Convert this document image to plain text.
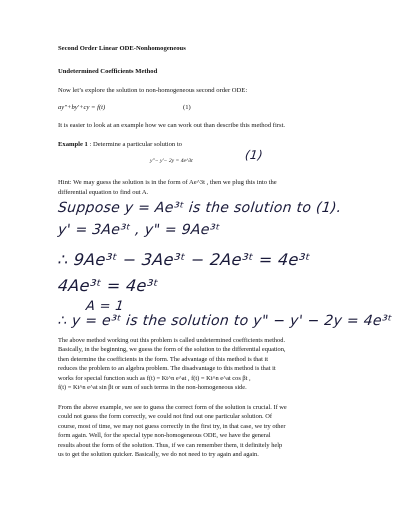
Second Order Linear ODE-Nonhomogeneous
Undetermined Coefficients Method
Now let’s explore the solution to non-homogeneous second order ODE:
ay"+by'+cy = f(t)	(1)
It is easier to look at an example how we can work out than describe this method first.
Example 1 : Determine a particular solution to
y"− y'− 2y = 4e^3t	(1)
Hint: We may guess the solution is in the form of Ae^3t , then we plug this into the
differential equation to find out A.
Suppose y = Ae³ᵗ is the solution to (1).
y' = 3Ae³ᵗ , y" = 9Ae³ᵗ
∴ 9Ae³ᵗ − 3Ae³ᵗ − 2Ae³ᵗ = 4e³ᵗ
4Ae³ᵗ = 4e³ᵗ
A = 1
∴ y = e³ᵗ is the solution to y" − y' − 2y = 4e³ᵗ
The above method working out this problem is called undetermined coefficients method.
Basically, in the beginning, we guess the form of the solution to the differential equation,
then determine the coefficients in the form. The advantage of this method is that it
reduces the problem to an algebra problem. The disadvantage to this method is that it
works for special function such as f(t) = Kt^n e^at , f(t) = Kt^n e^at cos βt ,
f(t) = Kt^n e^at sin βt or sum of such terms in the non-homogeneous side.
From the above example, we see to guess the correct form of the solution is crucial. If we
could not guess the form correctly, we could not find out one particular solution. Of
course, most of time, we may not guess correctly in the first try, in that case, we try other
form again. Well, for the special type non-homogeneous ODE, we have the general
results about the form of the solution. Thus, if we can remember them, it definitely help
us to get the solution quicker. Basically, we do not need to try again and again.
